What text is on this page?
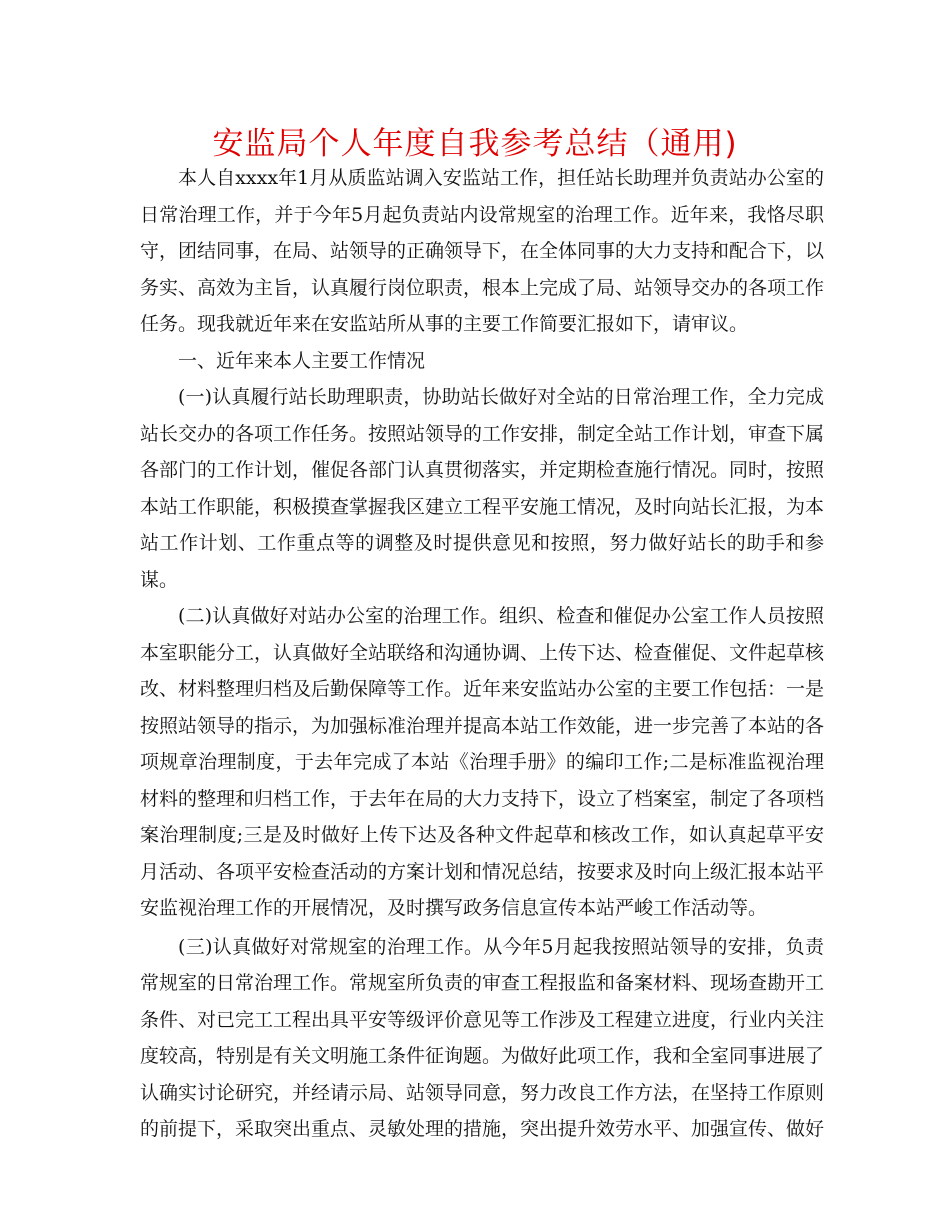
安监局个人年度自我参考总结（通用)

本人自xxxx年1月从质监站调入安监站工作，担任站长助理并负责站办公室的日常治理工作，并于今年5月起负责站内设常规室的治理工作。近年来，我恪尽职守，团结同事，在局、站领导的正确领导下，在全体同事的大力支持和配合下，以务实、高效为主旨，认真履行岗位职责，根本上完成了局、站领导交办的各项工作任务。现我就近年来在安监站所从事的主要工作简要汇报如下，请审议。

一、近年来本人主要工作情况

(一)认真履行站长助理职责，协助站长做好对全站的日常治理工作，全力完成站长交办的各项工作任务。按照站领导的工作安排，制定全站工作计划，审查下属各部门的工作计划，催促各部门认真贯彻落实，并定期检查施行情况。同时，按照本站工作职能，积极摸查掌握我区建立工程平安施工情况，及时向站长汇报，为本站工作计划、工作重点等的调整及时提供意见和按照，努力做好站长的助手和参谋。

(二)认真做好对站办公室的治理工作。组织、检查和催促办公室工作人员按照本室职能分工，认真做好全站联络和沟通协调、上传下达、检查催促、文件起草核改、材料整理归档及后勤保障等工作。近年来安监站办公室的主要工作包括：一是按照站领导的指示，为加强标准治理并提高本站工作效能，进一步完善了本站的各项规章治理制度，于去年完成了本站《治理手册》的编印工作;二是标准监视治理材料的整理和归档工作，于去年在局的大力支持下，设立了档案室，制定了各项档案治理制度;三是及时做好上传下达及各种文件起草和核改工作，如认真起草平安月活动、各项平安检查活动的方案计划和情况总结，按要求及时向上级汇报本站平安监视治理工作的开展情况，及时撰写政务信息宣传本站严峻工作活动等。

(三)认真做好对常规室的治理工作。从今年5月起我按照站领导的安排，负责常规室的日常治理工作。常规室所负责的审查工程报监和备案材料、现场查勘开工条件、对已完工工程出具平安等级评价意见等工作涉及工程建立进度，行业内关注度较高，特别是有关文明施工条件征询题。为做好此项工作，我和全室同事进展了认确实讨论研究，并经请示局、站领导同意，努力改良工作方法，在坚持工作原则的前提下，采取突出重点、灵敏处理的措施，突出提升效劳水平、加强宣传、做好
